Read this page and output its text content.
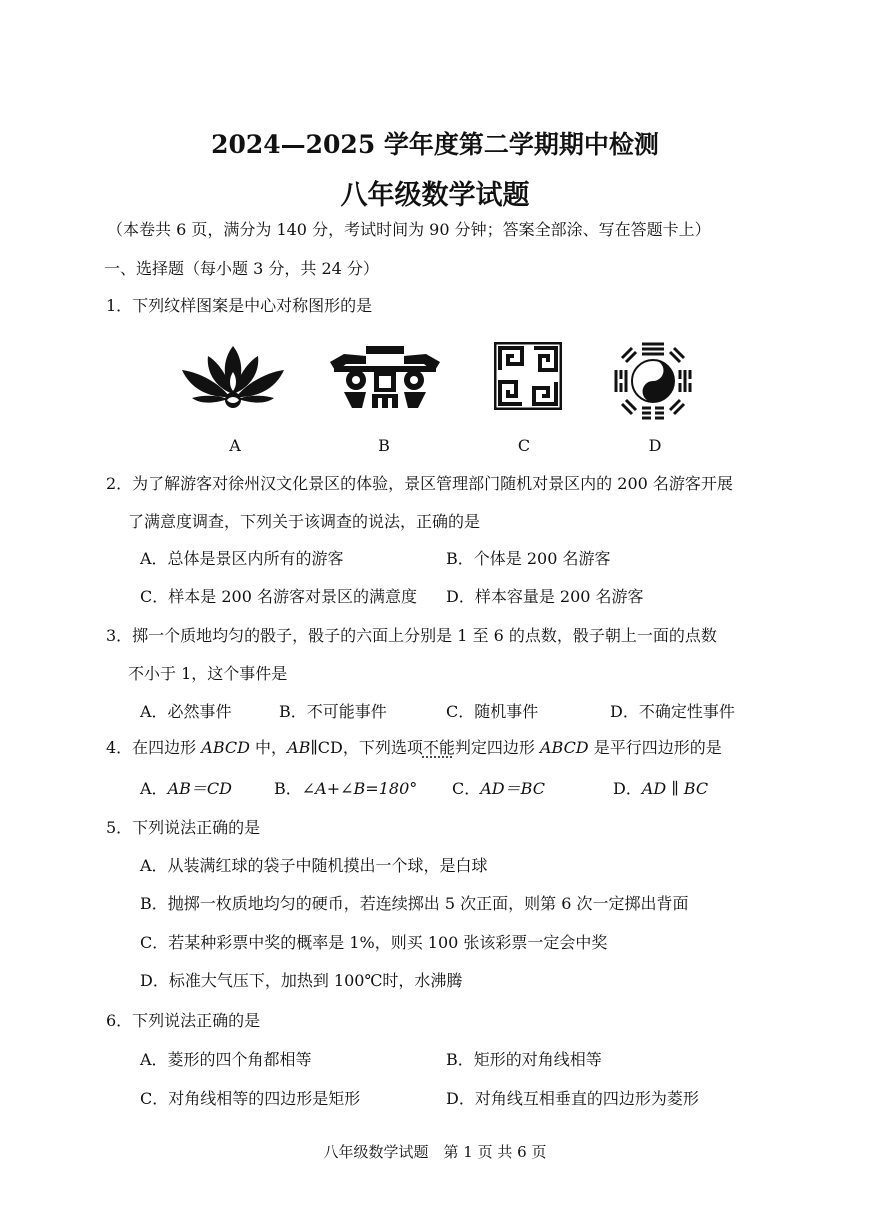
2024—2025 学年度第二学期期中检测
八年级数学试题
（本卷共 6 页，满分为 140 分，考试时间为 90 分钟；答案全部涂、写在答题卡上）
一、选择题（每小题 3 分，共 24 分）
1．下列纹样图案是中心对称图形的是
A	B	C	D
2．为了解游客对徐州汉文化景区的体验，景区管理部门随机对景区内的 200 名游客开展
了满意度调查，下列关于该调查的说法，正确的是
A．总体是景区内所有的游客	B．个体是 200 名游客
C．样本是 200 名游客对景区的满意度 D．样本容量是 200 名游客
3．掷一个质地均匀的骰子，骰子的六面上分别是 1 至 6 的点数，骰子朝上一面的点数
不小于 1，这个事件是
A．必然事件	B．不可能事件	C．随机事件	D．不确定性事件
4．在四边形 ABCD 中，AB∥CD，下列选项不能判定四边形 ABCD 是平行四边形的是
A．AB＝CD	B．∠A+∠B=180° C．AD＝BC	D．AD ∥ BC
5．下列说法正确的是
A．从装满红球的袋子中随机摸出一个球，是白球
B．抛掷一枚质地均匀的硬币，若连续掷出 5 次正面，则第 6 次一定掷出背面
C．若某种彩票中奖的概率是 1%，则买 100 张该彩票一定会中奖
D．标准大气压下，加热到 100℃时，水沸腾
6．下列说法正确的是
A．菱形的四个角都相等	B．矩形的对角线相等
C．对角线相等的四边形是矩形	D．对角线互相垂直的四边形为菱形
八年级数学试题　第 1 页 共 6 页
